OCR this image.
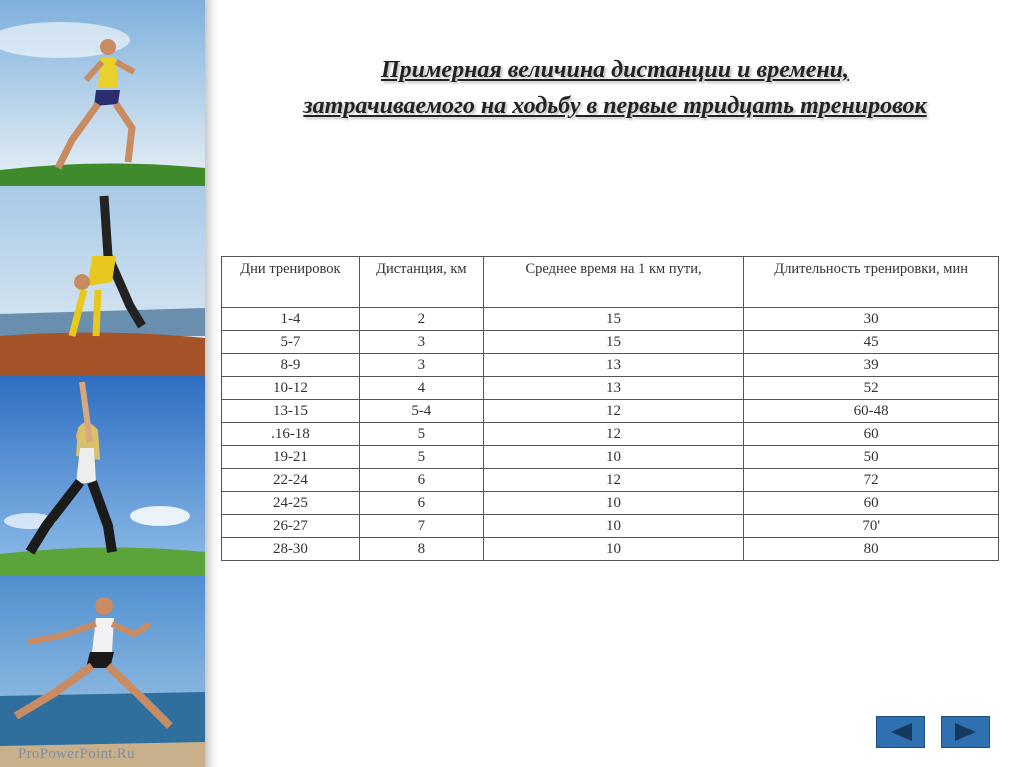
ProPowerPoint.Ru
Примерная величина дистанции и времени,
затрачиваемого на ходьбу в первые тридцать тренировок
Дни тренировок	Дистанция, км	Среднее время на 1 км пути,	Длительность тренировки, мин
1-4	2	15	30
5-7	3	15	45
8-9	3	13	39
10-12	4	13	52
13-15	5-4	12	60-48
.16-18	5	12	60
19-21	5	10	50
22-24	6	12	72
24-25	6	10	60
26-27	7	10	70'
28-30	8	10	80
